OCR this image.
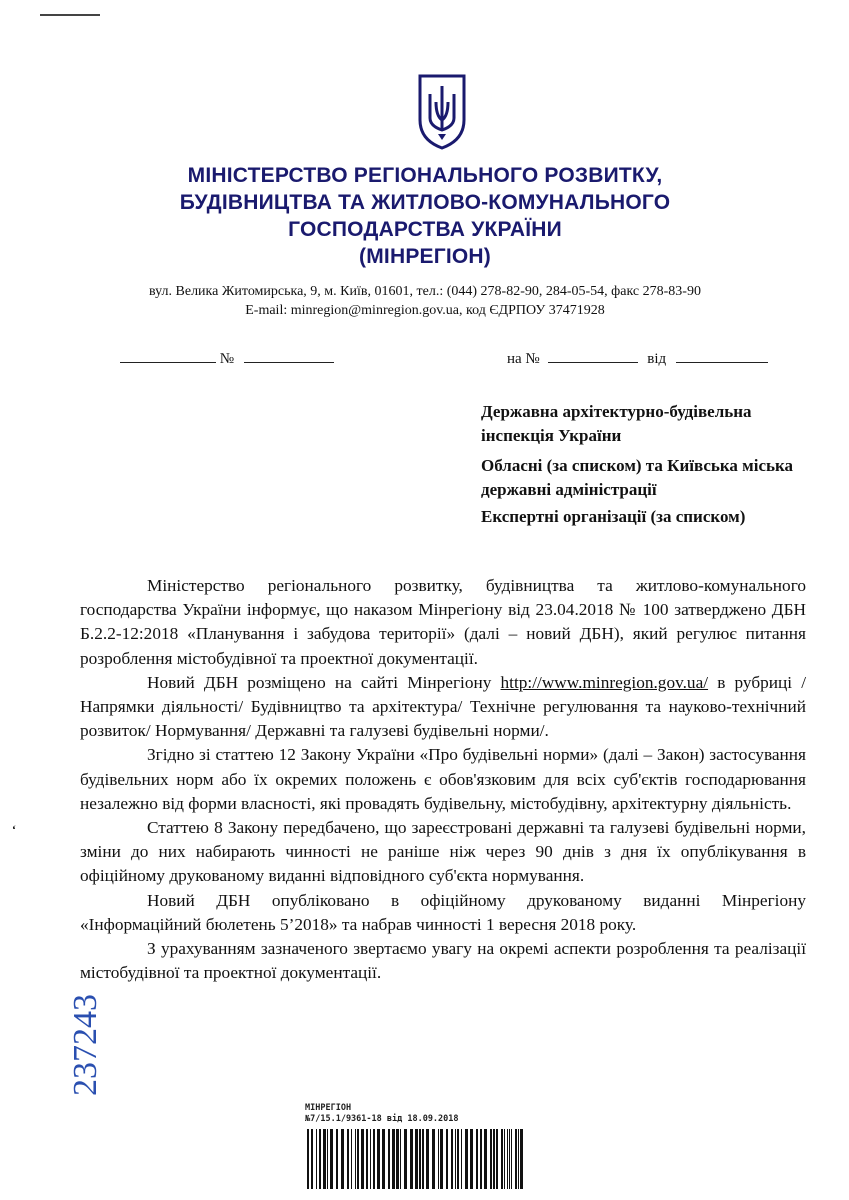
МІНІСТЕРСТВО РЕГІОНАЛЬНОГО РОЗВИТКУ,
БУДІВНИЦТВА ТА ЖИТЛОВО-КОМУНАЛЬНОГО
ГОСПОДАРСТВА УКРАЇНИ
(МІНРЕГІОН)
вул. Велика Житомирська, 9, м. Київ, 01601, тел.: (044) 278-82-90, 284-05-54, факс 278-83-90
E-mail: minregion@minregion.gov.ua, код ЄДРПОУ 37471928
№	на №	від
Державна архітектурно-будівельна інспекція України
Обласні (за списком) та Київська міська державні адміністрації
Експертні організації (за списком)

Міністерство регіонального розвитку, будівництва та житлово-комунального господарства України інформує, що наказом Мінрегіону від 23.04.2018 № 100 затверджено ДБН Б.2.2-12:2018 «Планування і забудова території» (далі – новий ДБН), який регулює питання розроблення містобудівної та проектної документації.

Новий ДБН розміщено на сайті Мінрегіону http://www.minregion.gov.ua/ в рубриці /Напрямки діяльності/ Будівництво та архітектура/ Технічне регулювання та науково-технічний розвиток/ Нормування/ Державні та галузеві будівельні норми/.

Згідно зі статтею 12 Закону України «Про будівельні норми» (далі – Закон) застосування будівельних норм або їх окремих положень є обов'язковим для всіх суб'єктів господарювання незалежно від форми власності, які провадять будівельну, містобудівну, архітектурну діяльність.

Статтею 8 Закону передбачено, що зареєстровані державні та галузеві будівельні норми, зміни до них набирають чинності не раніше ніж через 90 днів з дня їх опублікування в офіційному друкованому виданні відповідного суб'єкта нормування.

Новий ДБН опубліковано в офіційному друкованому виданні Мінрегіону «Інформаційний бюлетень 5’2018» та набрав чинності 1 вересня 2018 року.

З урахуванням зазначеного звертаємо увагу на окремі аспекти розроблення та реалізації містобудівної та проектної документації.

ʻ
237243
МІНРЕГІОН
№7/15.1/9361-18 від 18.09.2018
